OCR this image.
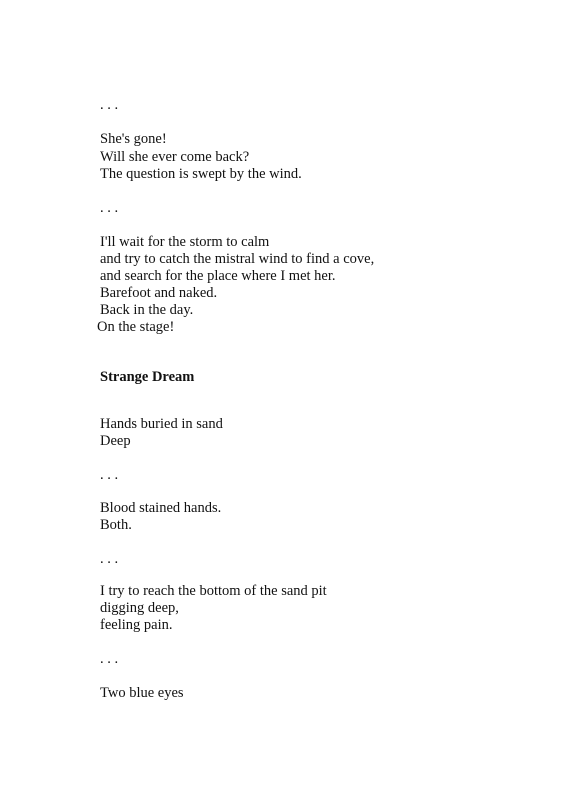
. . .
She's gone!
Will she ever come back?
The question is swept by the wind.
. . .
I'll wait for the storm to calm
and try to catch the mistral wind to find a cove,
and search for the place where I met her.
Barefoot and naked.
Back in the day.
On the stage!
Strange Dream
Hands buried in sand
Deep
. . .
Blood stained hands.
Both.
. . .
I try to reach the bottom of the sand pit
digging deep,
feeling pain.
. . .
Two blue eyes
